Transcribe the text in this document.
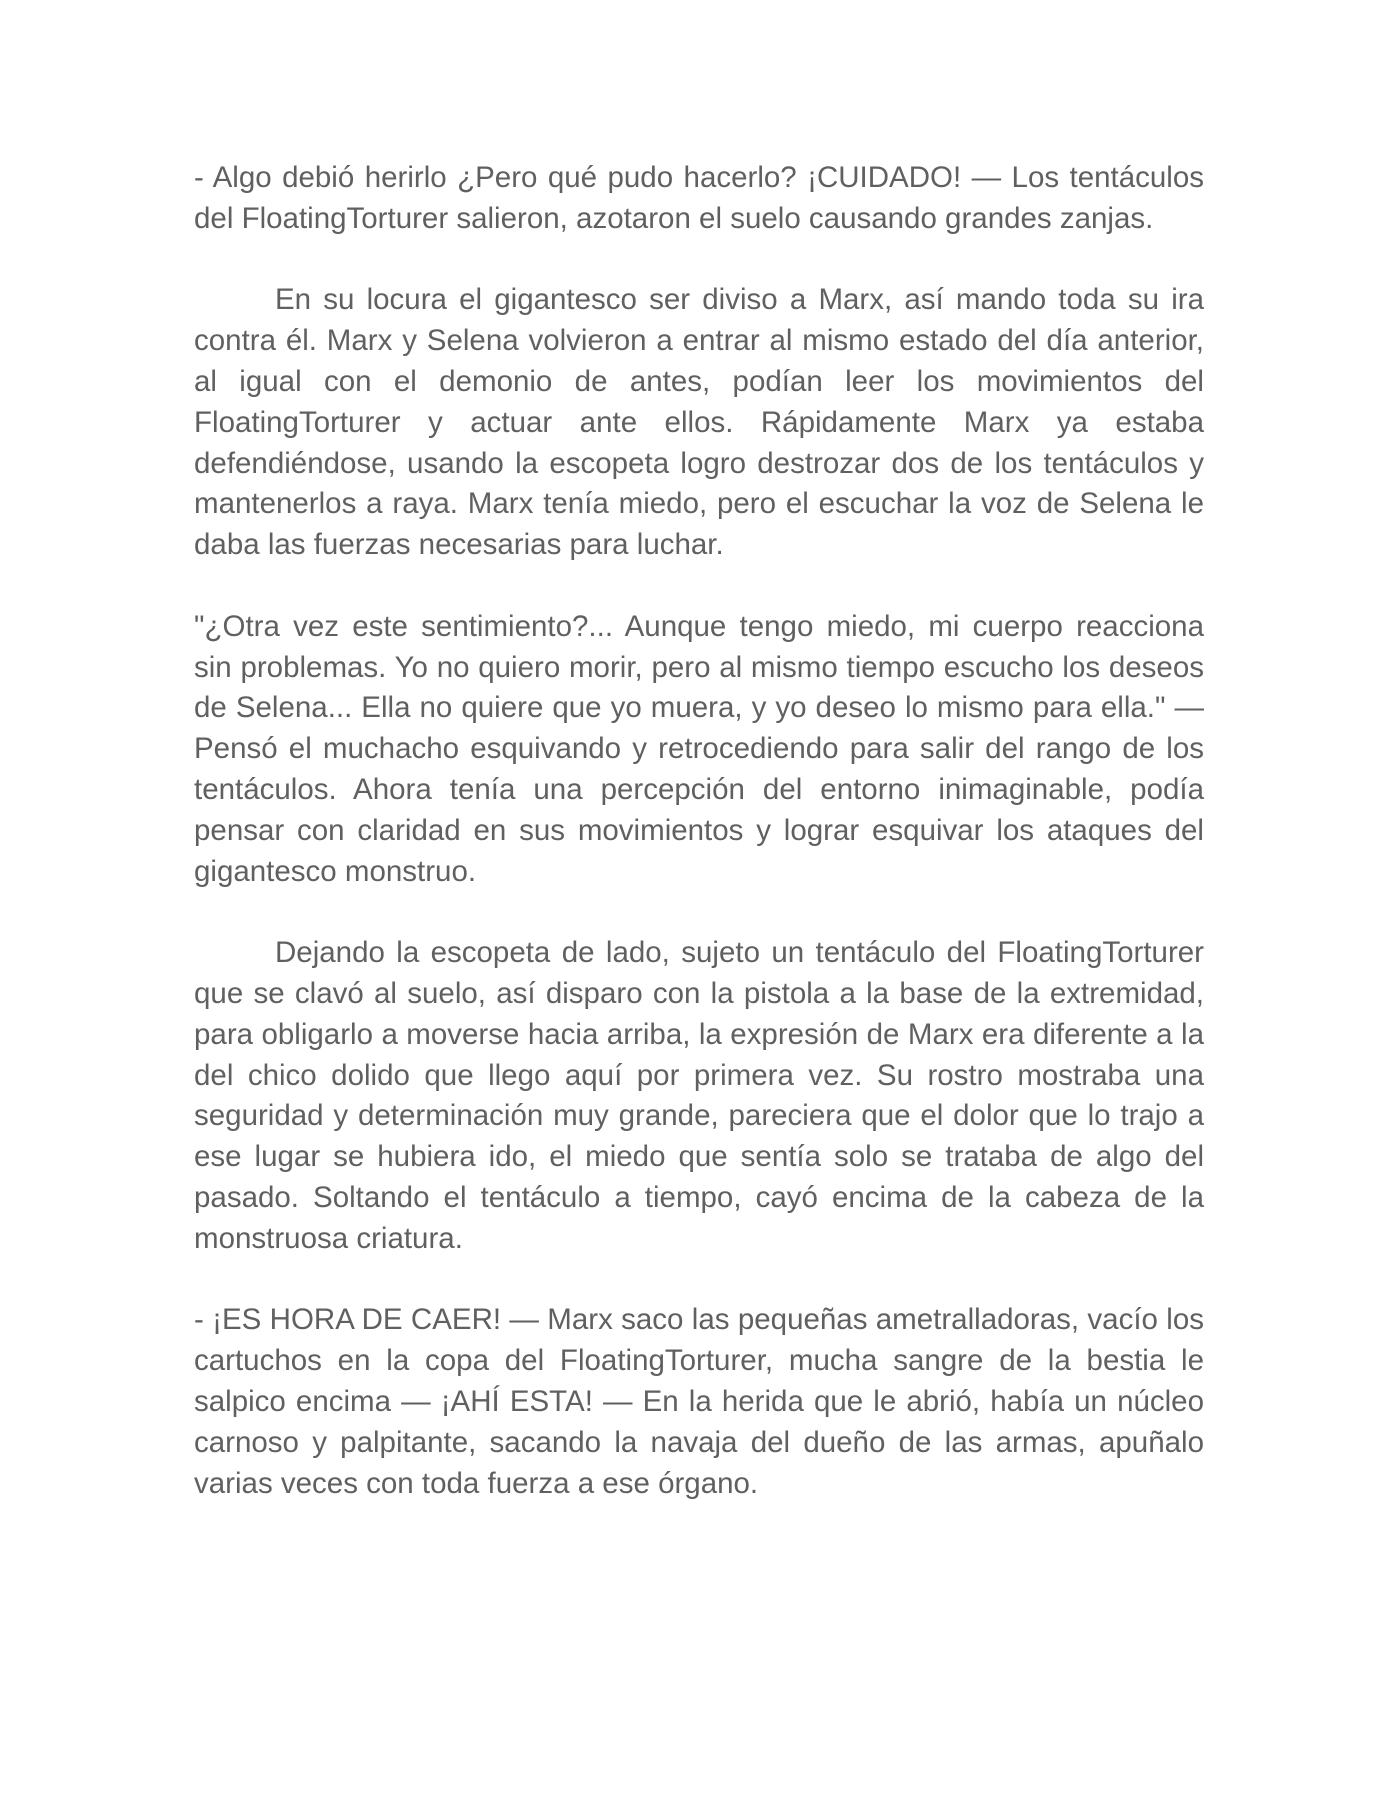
- Algo debió herirlo ¿Pero qué pudo hacerlo? ¡CUIDADO! — Los tentáculos del FloatingTorturer salieron, azotaron el suelo causando grandes zanjas.

En su locura el gigantesco ser diviso a Marx, así mando toda su ira contra él. Marx y Selena volvieron a entrar al mismo estado del día anterior, al igual con el demonio de antes, podían leer los movimientos del FloatingTorturer y actuar ante ellos. Rápidamente Marx ya estaba defendiéndose, usando la escopeta logro destrozar dos de los tentáculos y mantenerlos a raya. Marx tenía miedo, pero el escuchar la voz de Selena le daba las fuerzas necesarias para luchar.

"¿Otra vez este sentimiento?... Aunque tengo miedo, mi cuerpo reacciona sin problemas. Yo no quiero morir, pero al mismo tiempo escucho los deseos de Selena... Ella no quiere que yo muera, y yo deseo lo mismo para ella." — Pensó el muchacho esquivando y retrocediendo para salir del rango de los tentáculos. Ahora tenía una percepción del entorno inimaginable, podía pensar con claridad en sus movimientos y lograr esquivar los ataques del gigantesco monstruo.

Dejando la escopeta de lado, sujeto un tentáculo del FloatingTorturer que se clavó al suelo, así disparo con la pistola a la base de la extremidad, para obligarlo a moverse hacia arriba, la expresión de Marx era diferente a la del chico dolido que llego aquí por primera vez. Su rostro mostraba una seguridad y determinación muy grande, pareciera que el dolor que lo trajo a ese lugar se hubiera ido, el miedo que sentía solo se trataba de algo del pasado. Soltando el tentáculo a tiempo, cayó encima de la cabeza de la monstruosa criatura.

- ¡ES HORA DE CAER! — Marx saco las pequeñas ametralladoras, vacío los cartuchos en la copa del FloatingTorturer, mucha sangre de la bestia le salpico encima — ¡AHÍ ESTA! — En la herida que le abrió, había un núcleo carnoso y palpitante, sacando la navaja del dueño de las armas, apuñalo varias veces con toda fuerza a ese órgano.
